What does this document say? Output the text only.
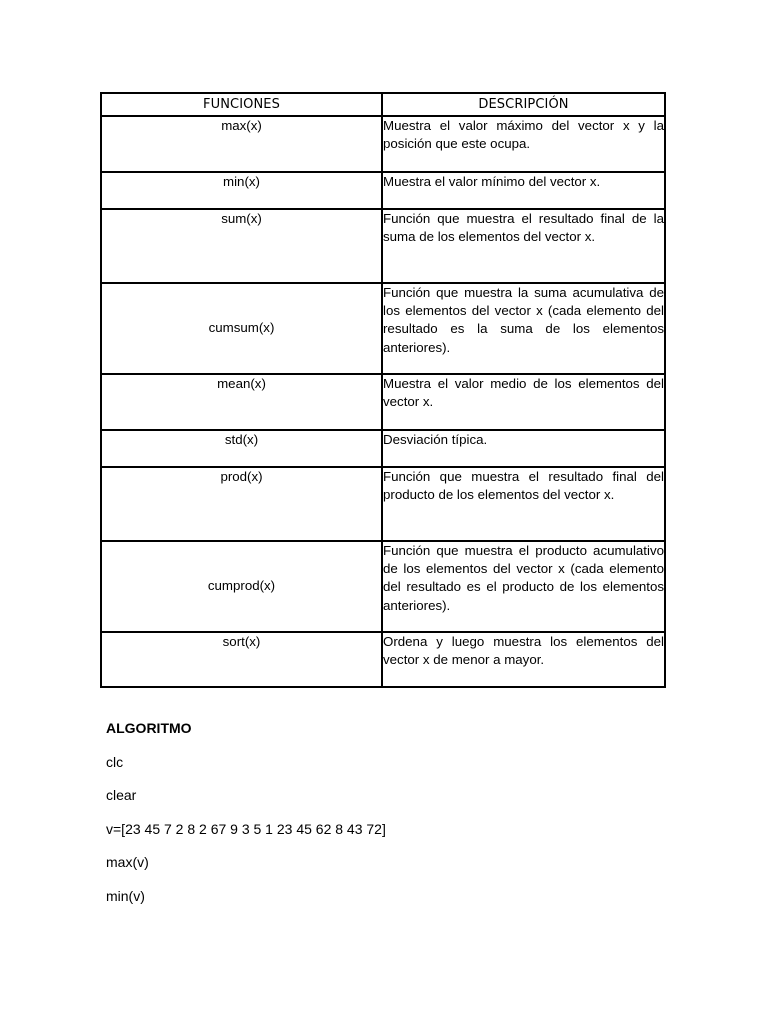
FUNCIONES	DESCRIPCIÓN
max(x)	Muestra el valor máximo del vector x y la posición que este ocupa.
min(x)	Muestra el valor mínimo del vector x.
sum(x)	Función que muestra el resultado final de la suma de los elementos del vector x.
cumsum(x)	Función que muestra la suma acumulativa de los elementos del vector x (cada elemento del resultado es la suma de los elementos anteriores).
mean(x)	Muestra el valor medio de los elementos del vector x.
std(x)	Desviación típica.
prod(x)	Función que muestra el resultado final del producto de los elementos del vector x.
cumprod(x)	Función que muestra el producto acumulativo de los elementos del vector x (cada elemento del resultado es el producto de los elementos anteriores).
sort(x)	Ordena y luego muestra los elementos del vector x de menor a mayor.
ALGORITMO
clc
clear
v=[23 45 7 2 8 2 67 9 3 5 1 23 45 62 8 43 72]
max(v)
min(v)
